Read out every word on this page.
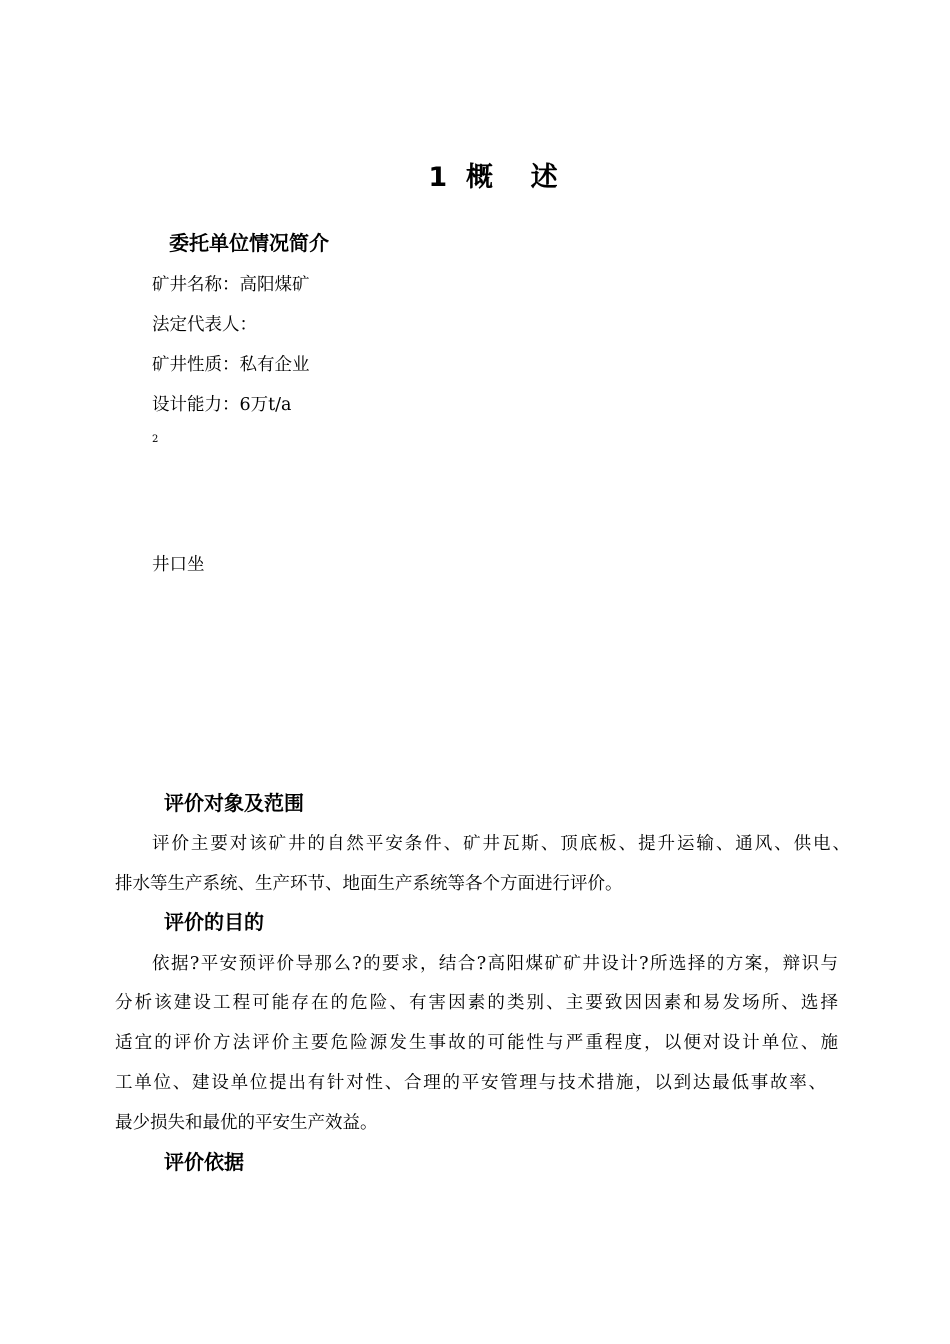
1  概    述
委托单位情况简介
矿井名称：高阳煤矿
法定代表人：
矿井性质：私有企业
设计能力：6万t/a
2
井口坐
评价对象及范围
评价主要对该矿井的自然平安条件、矿井瓦斯、顶底板、提升运输、通风、供电、
排水等生产系统、生产环节、地面生产系统等各个方面进行评价。
评价的目的
依据?平安预评价导那么?的要求，结合?高阳煤矿矿井设计?所选择的方案，辩识与
分析该建设工程可能存在的危险、有害因素的类别、主要致因因素和易发场所、选择
适宜的评价方法评价主要危险源发生事故的可能性与严重程度，以便对设计单位、施
工单位、建设单位提出有针对性、合理的平安管理与技术措施，以到达最低事故率、
最少损失和最优的平安生产效益。
评价依据
